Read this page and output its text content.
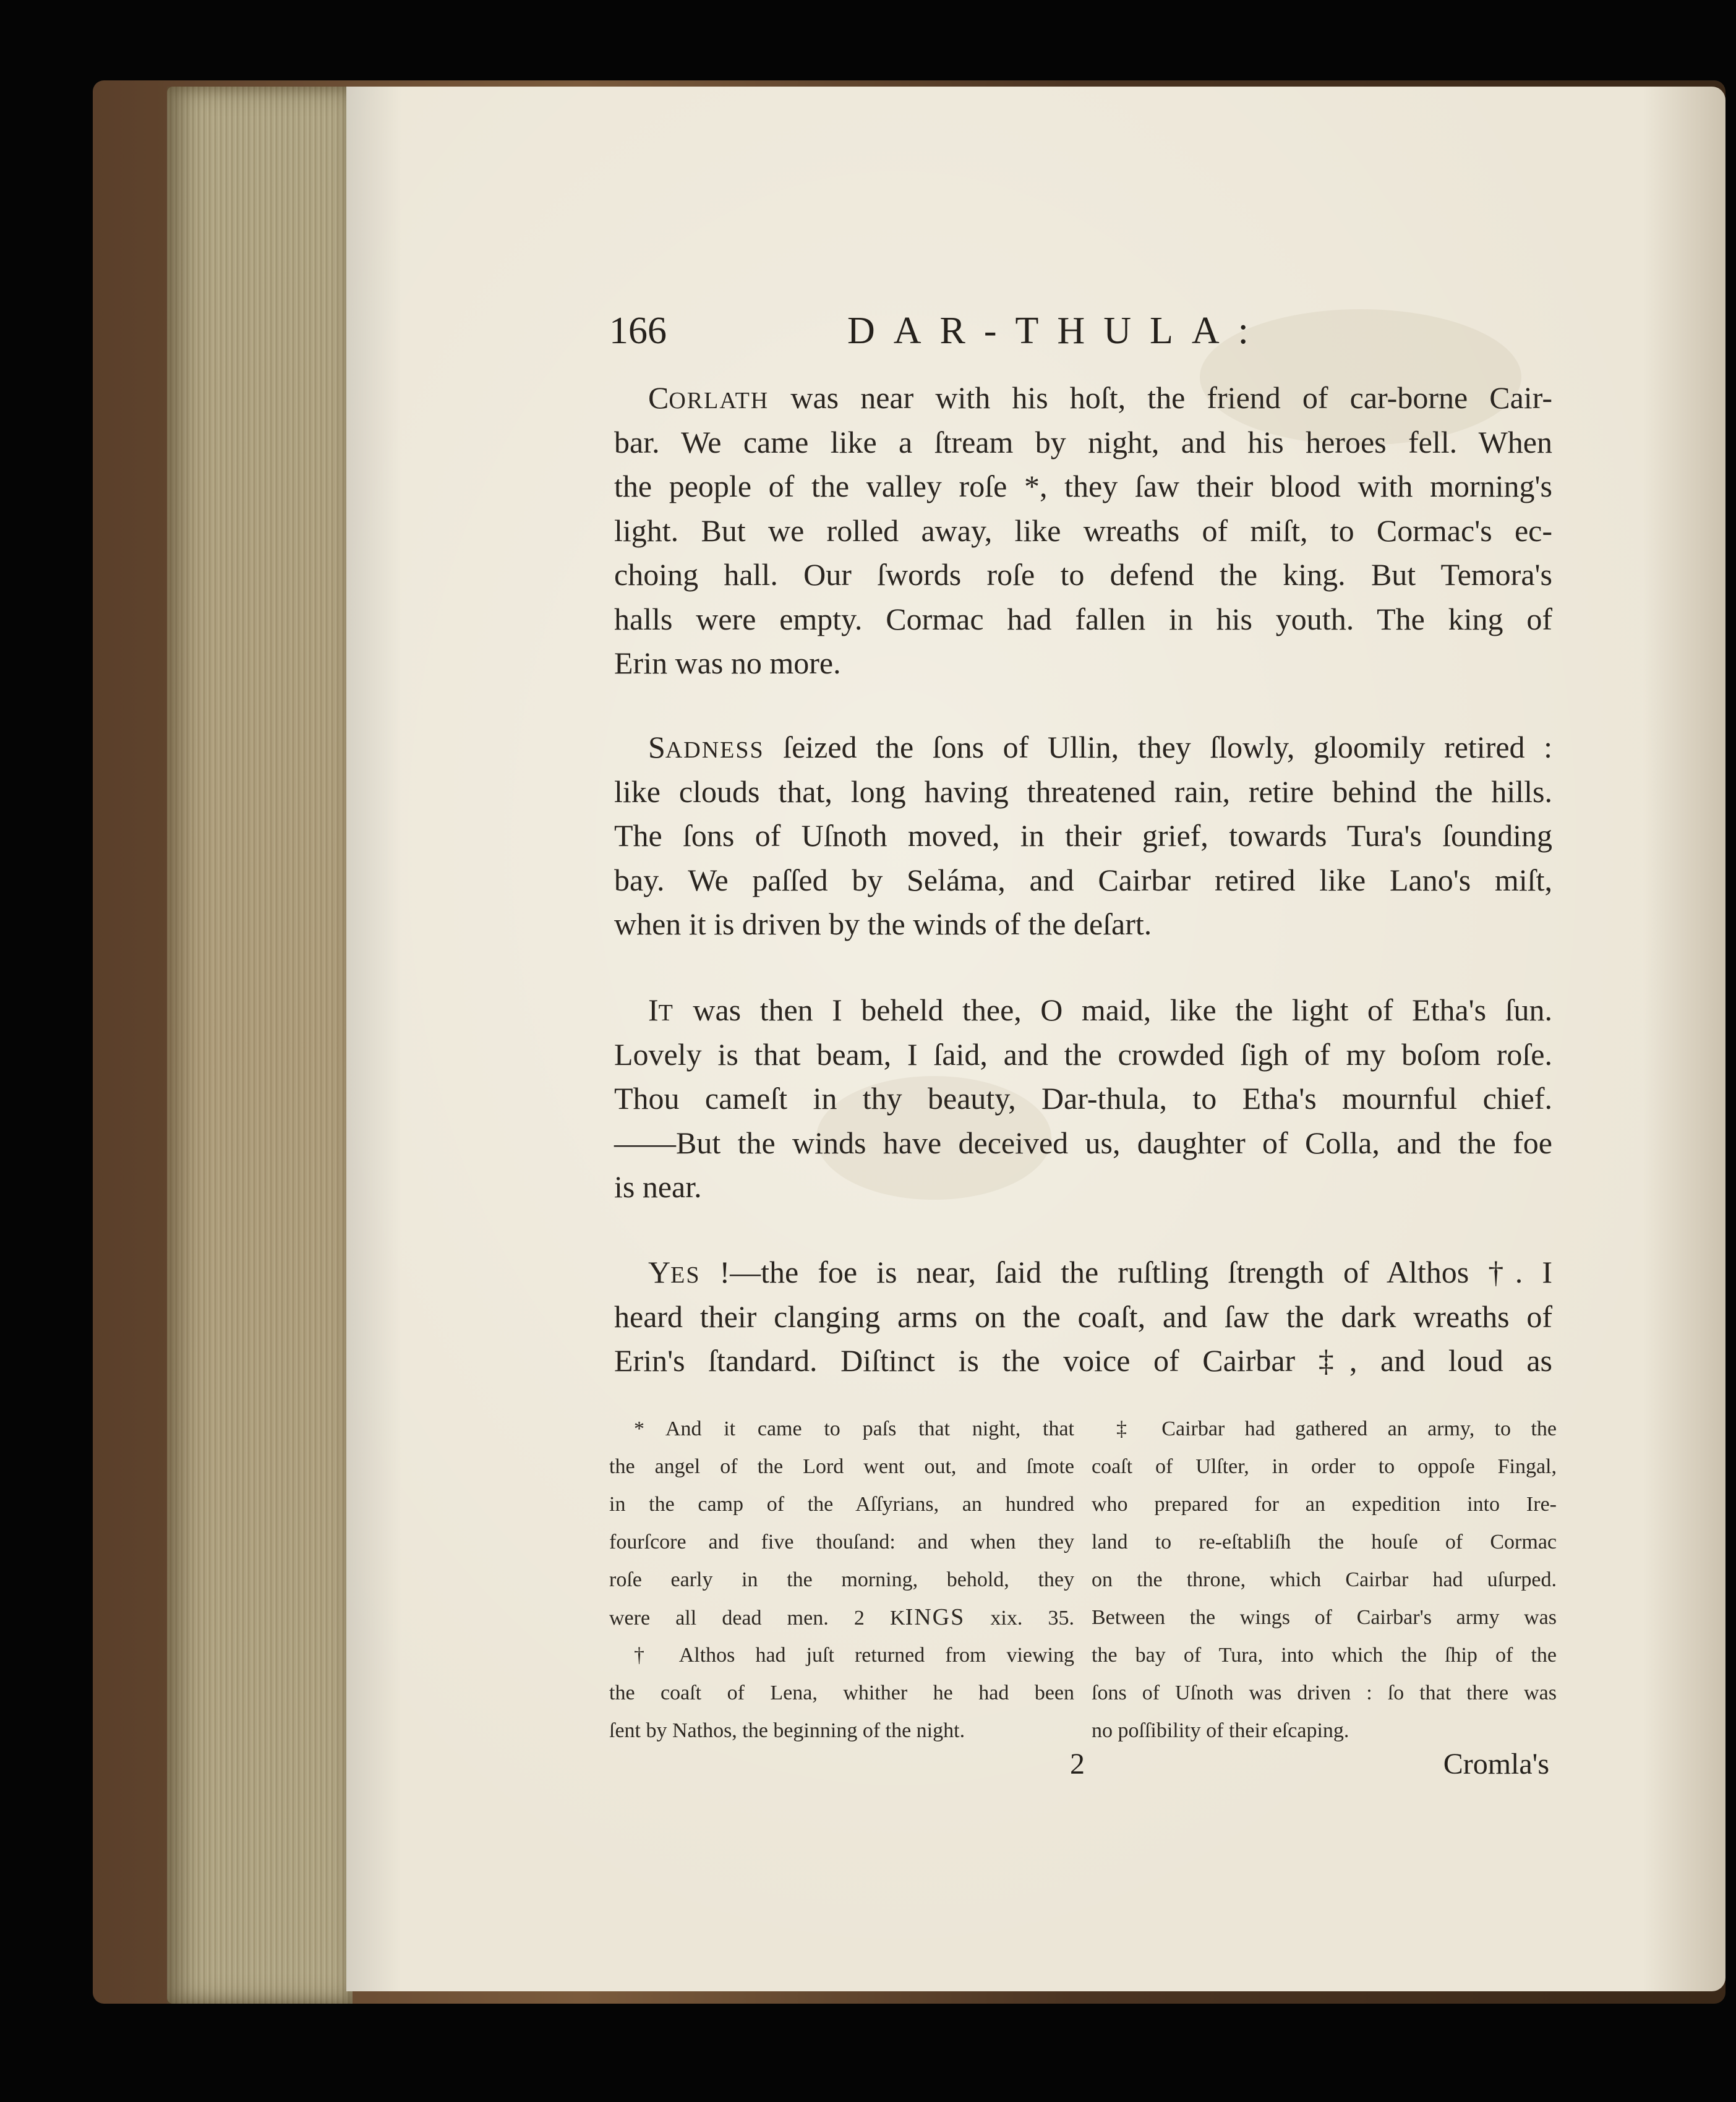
166	DAR-THULA:
CORLATH was near with his hoſt, the friend of car-borne Cair-
bar. We came like a ſtream by night, and his heroes fell. When
the people of the valley roſe *, they ſaw their blood with morning's
light. But we rolled away, like wreaths of miſt, to Cormac's ec-
choing hall. Our ſwords roſe to defend the king. But Temora's
halls were empty. Cormac had fallen in his youth. The king of
Erin was no more.
SADNESS ſeized the ſons of Ullin, they ſlowly, gloomily retired :
like clouds that, long having threatened rain, retire behind the hills.
The ſons of Uſnoth moved, in their grief, towards Tura's ſounding
bay. We paſſed by Seláma, and Cairbar retired like Lano's miſt,
when it is driven by the winds of the deſart.
IT was then I beheld thee, O maid, like the light of Etha's ſun.
Lovely is that beam, I ſaid, and the crowded ſigh of my boſom roſe.
Thou cameſt in thy beauty, Dar-thula, to Etha's mournful chief.
——But the winds have deceived us, daughter of Colla, and the foe
is near.
YES !—the foe is near, ſaid the ruſtling ſtrength of Althos †. I
heard their clanging arms on the coaſt, and ſaw the dark wreaths of
Erin's ſtandard. Diſtinct is the voice of Cairbar ‡, and loud as
* And it came to paſs that night, that
the angel of the Lord went out, and ſmote
in the camp of the Aſſyrians, an hundred
fourſcore and five thouſand: and when they
roſe early in the morning, behold, they
were all dead men. 2 KINGS xix. 35.
† Althos had juſt returned from viewing
the coaſt of Lena, whither he had been
ſent by Nathos, the beginning of the night.
‡ Cairbar had gathered an army, to the
coaſt of Ulſter, in order to oppoſe Fingal,
who prepared for an expedition into Ire-
land to re-eſtabliſh the houſe of Cormac
on the throne, which Cairbar had uſurped.
Between the wings of Cairbar's army was
the bay of Tura, into which the ſhip of the
ſons of Uſnoth was driven : ſo that there was
no poſſibility of their eſcaping.
2	Cromla's
